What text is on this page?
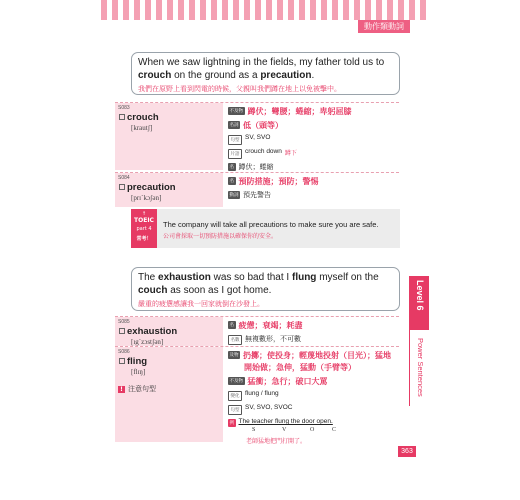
動作類動詞
When we saw lightning in the fields, my father told us to crouch on the ground as a precaution.
我們在原野上看到閃電的時候，父親叫我們蹲在地上以免被擊中。
S083
crouch
[krautʃ]
不及物 蹲伏；彎腰；蜷縮；卑躬屈膝
名詞 低（頭等）
句型 SV, SVO
片語 crouch down 蹲下
名 蹲伏；蜷縮
S084
precaution
[prɪˋkɔʃən]
名 預防措施；預防；警惕
動詞 預先警告
↑
TOEIC
part 4
常考！
The company will take all precautions to make sure you are safe.
公司會採取一切預防措施以確保你的安全。
The exhaustion was so bad that I flung myself on the couch as soon as I got home.
嚴重的疲憊感讓我一回家就倒在沙發上。
S085
exhaustion
[ɪgˋzɔstʃən]
名 疲憊；衰竭；耗盡
名數 無複數形，不可數
S086
fling
[flɪŋ]
! 注意句型
及物 扔擲；使投身；輕蔑地投射（目光）；猛地
開始做；急伸，猛動（手臂等）
不及物 猛衝；急行；破口大罵
變化 flung / flung
句型 SV, SVO, SVOC
例 The teacher flung the door open.
S	V	O	C
老師猛地把門打開了。
Level 6
Power Sentences
363
